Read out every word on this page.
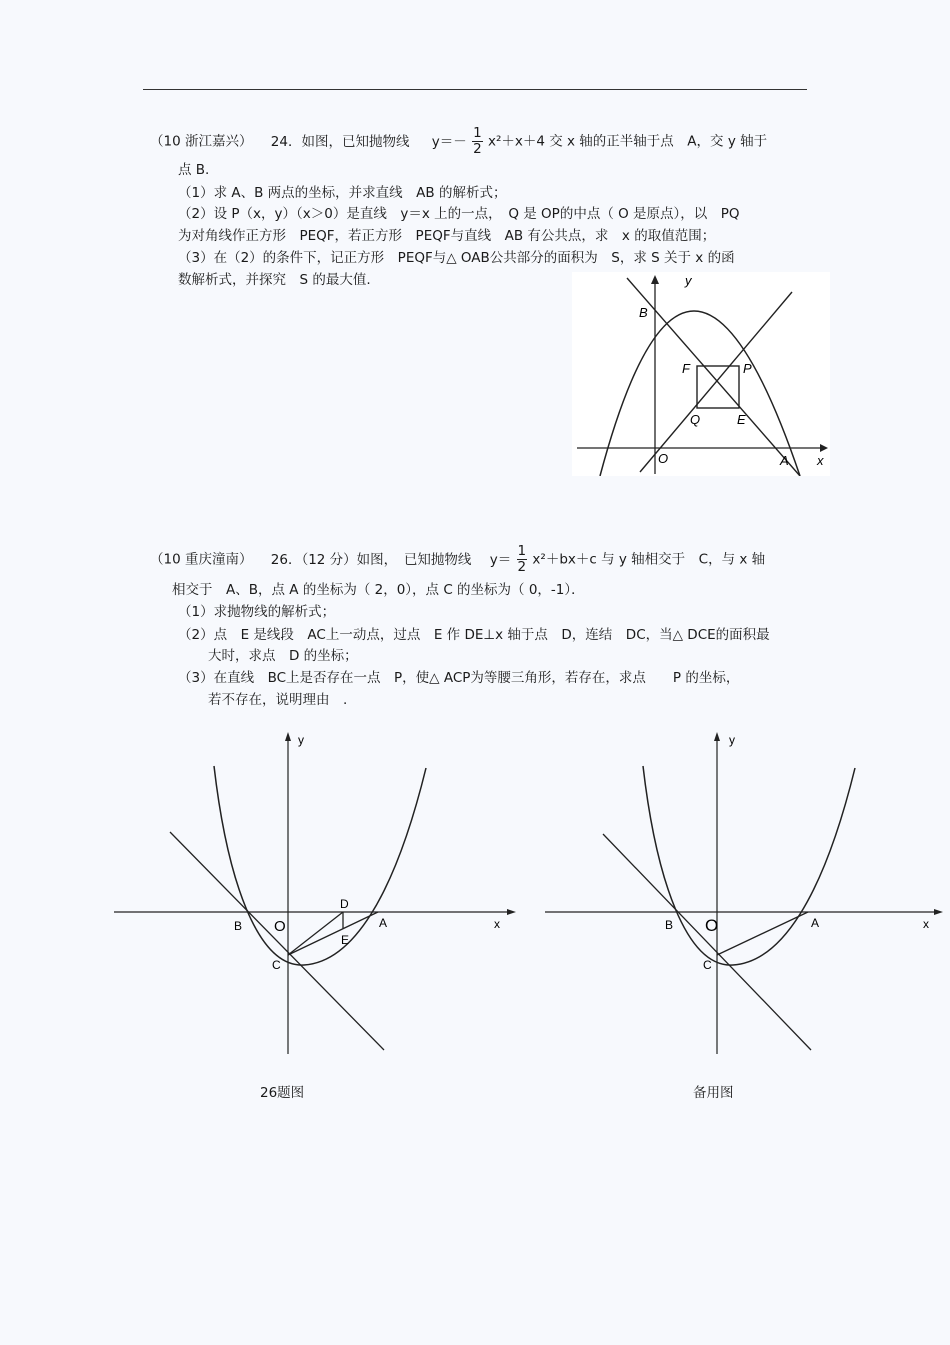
（10 浙江嘉兴） 24．如图，已知抛物线 $y=- \frac{1}{2} x^2+x+4$ 交 x 轴的正半轴于点　A，交 y 轴于
点 B.
（1）求 A、B 两点的坐标，并求直线　AB 的解析式；
（2）设 P（x，y）（x＞0）是直线　y＝x 上的一点，　Q 是 OP的中点（ O 是原点），以　PQ
为对角线作正方形　PEQF，若正方形　PEQF与直线　AB 有公共点，求　x 的取值范围；
（3）在（2）的条件下，记正方形　PEQF与△ OAB公共部分的面积为　S，求 S 关于 x 的函
数解析式，并探究　S 的最大值.	y
x
B
F	P
Q	E
O	A
（10 重庆潼南） 26．（12 分）如图，　已知抛物线 $y= \frac{1}{2} x^2+bx+c$ 与 y 轴相交于　C，与 x 轴
相交于　A、B，点 A 的坐标为（ 2，0），点 C 的坐标为（ 0，-1）．
（1）求抛物线的解析式；
（2）点　E 是线段　AC上一动点，过点　E 作 DE⊥x 轴于点　D，连结　DC，当△ DCE的面积最
大时，求点　D 的坐标；
（3）在直线　BC上是否存在一点　P，使△ ACP为等腰三角形，若存在，求点　　P 的坐标，
若不存在，说明理由　.
y
x
B O	A
C
D
E
26题图
y
x
B O	A
C
备用图
